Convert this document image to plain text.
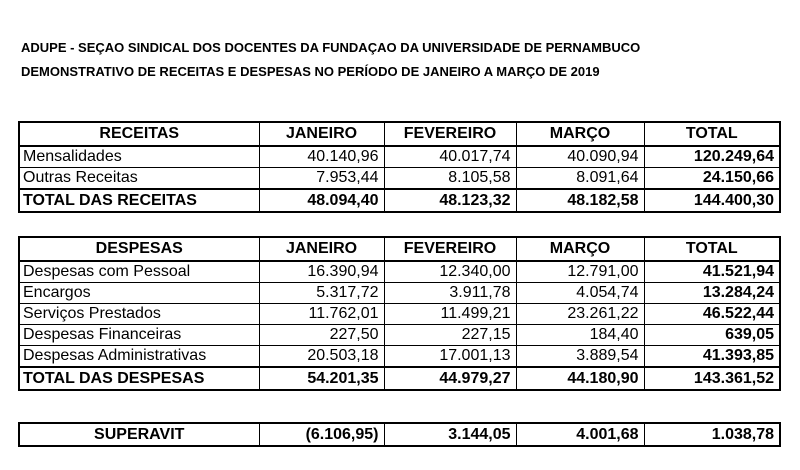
ADUPE - SEÇAO SINDICAL DOS DOCENTES DA FUNDAÇAO DA UNIVERSIDADE DE PERNAMBUCO
DEMONSTRATIVO DE RECEITAS E DESPESAS NO PERÍODO DE JANEIRO A MARÇO DE 2019
RECEITAS	JANEIRO	FEVEREIRO	MARÇO	TOTAL
Mensalidades	40.140,96	40.017,74	40.090,94	120.249,64
Outras Receitas	7.953,44	8.105,58	8.091,64	24.150,66
TOTAL DAS RECEITAS	48.094,40	48.123,32	48.182,58	144.400,30
DESPESAS	JANEIRO	FEVEREIRO	MARÇO	TOTAL
Despesas com Pessoal	16.390,94	12.340,00	12.791,00	41.521,94
Encargos	5.317,72	3.911,78	4.054,74	13.284,24
Serviços Prestados	11.762,01	11.499,21	23.261,22	46.522,44
Despesas Financeiras	227,50	227,15	184,40	639,05
Despesas Administrativas	20.503,18	17.001,13	3.889,54	41.393,85
TOTAL DAS DESPESAS	54.201,35	44.979,27	44.180,90	143.361,52
SUPERAVIT	(6.106,95)	3.144,05	4.001,68	1.038,78
